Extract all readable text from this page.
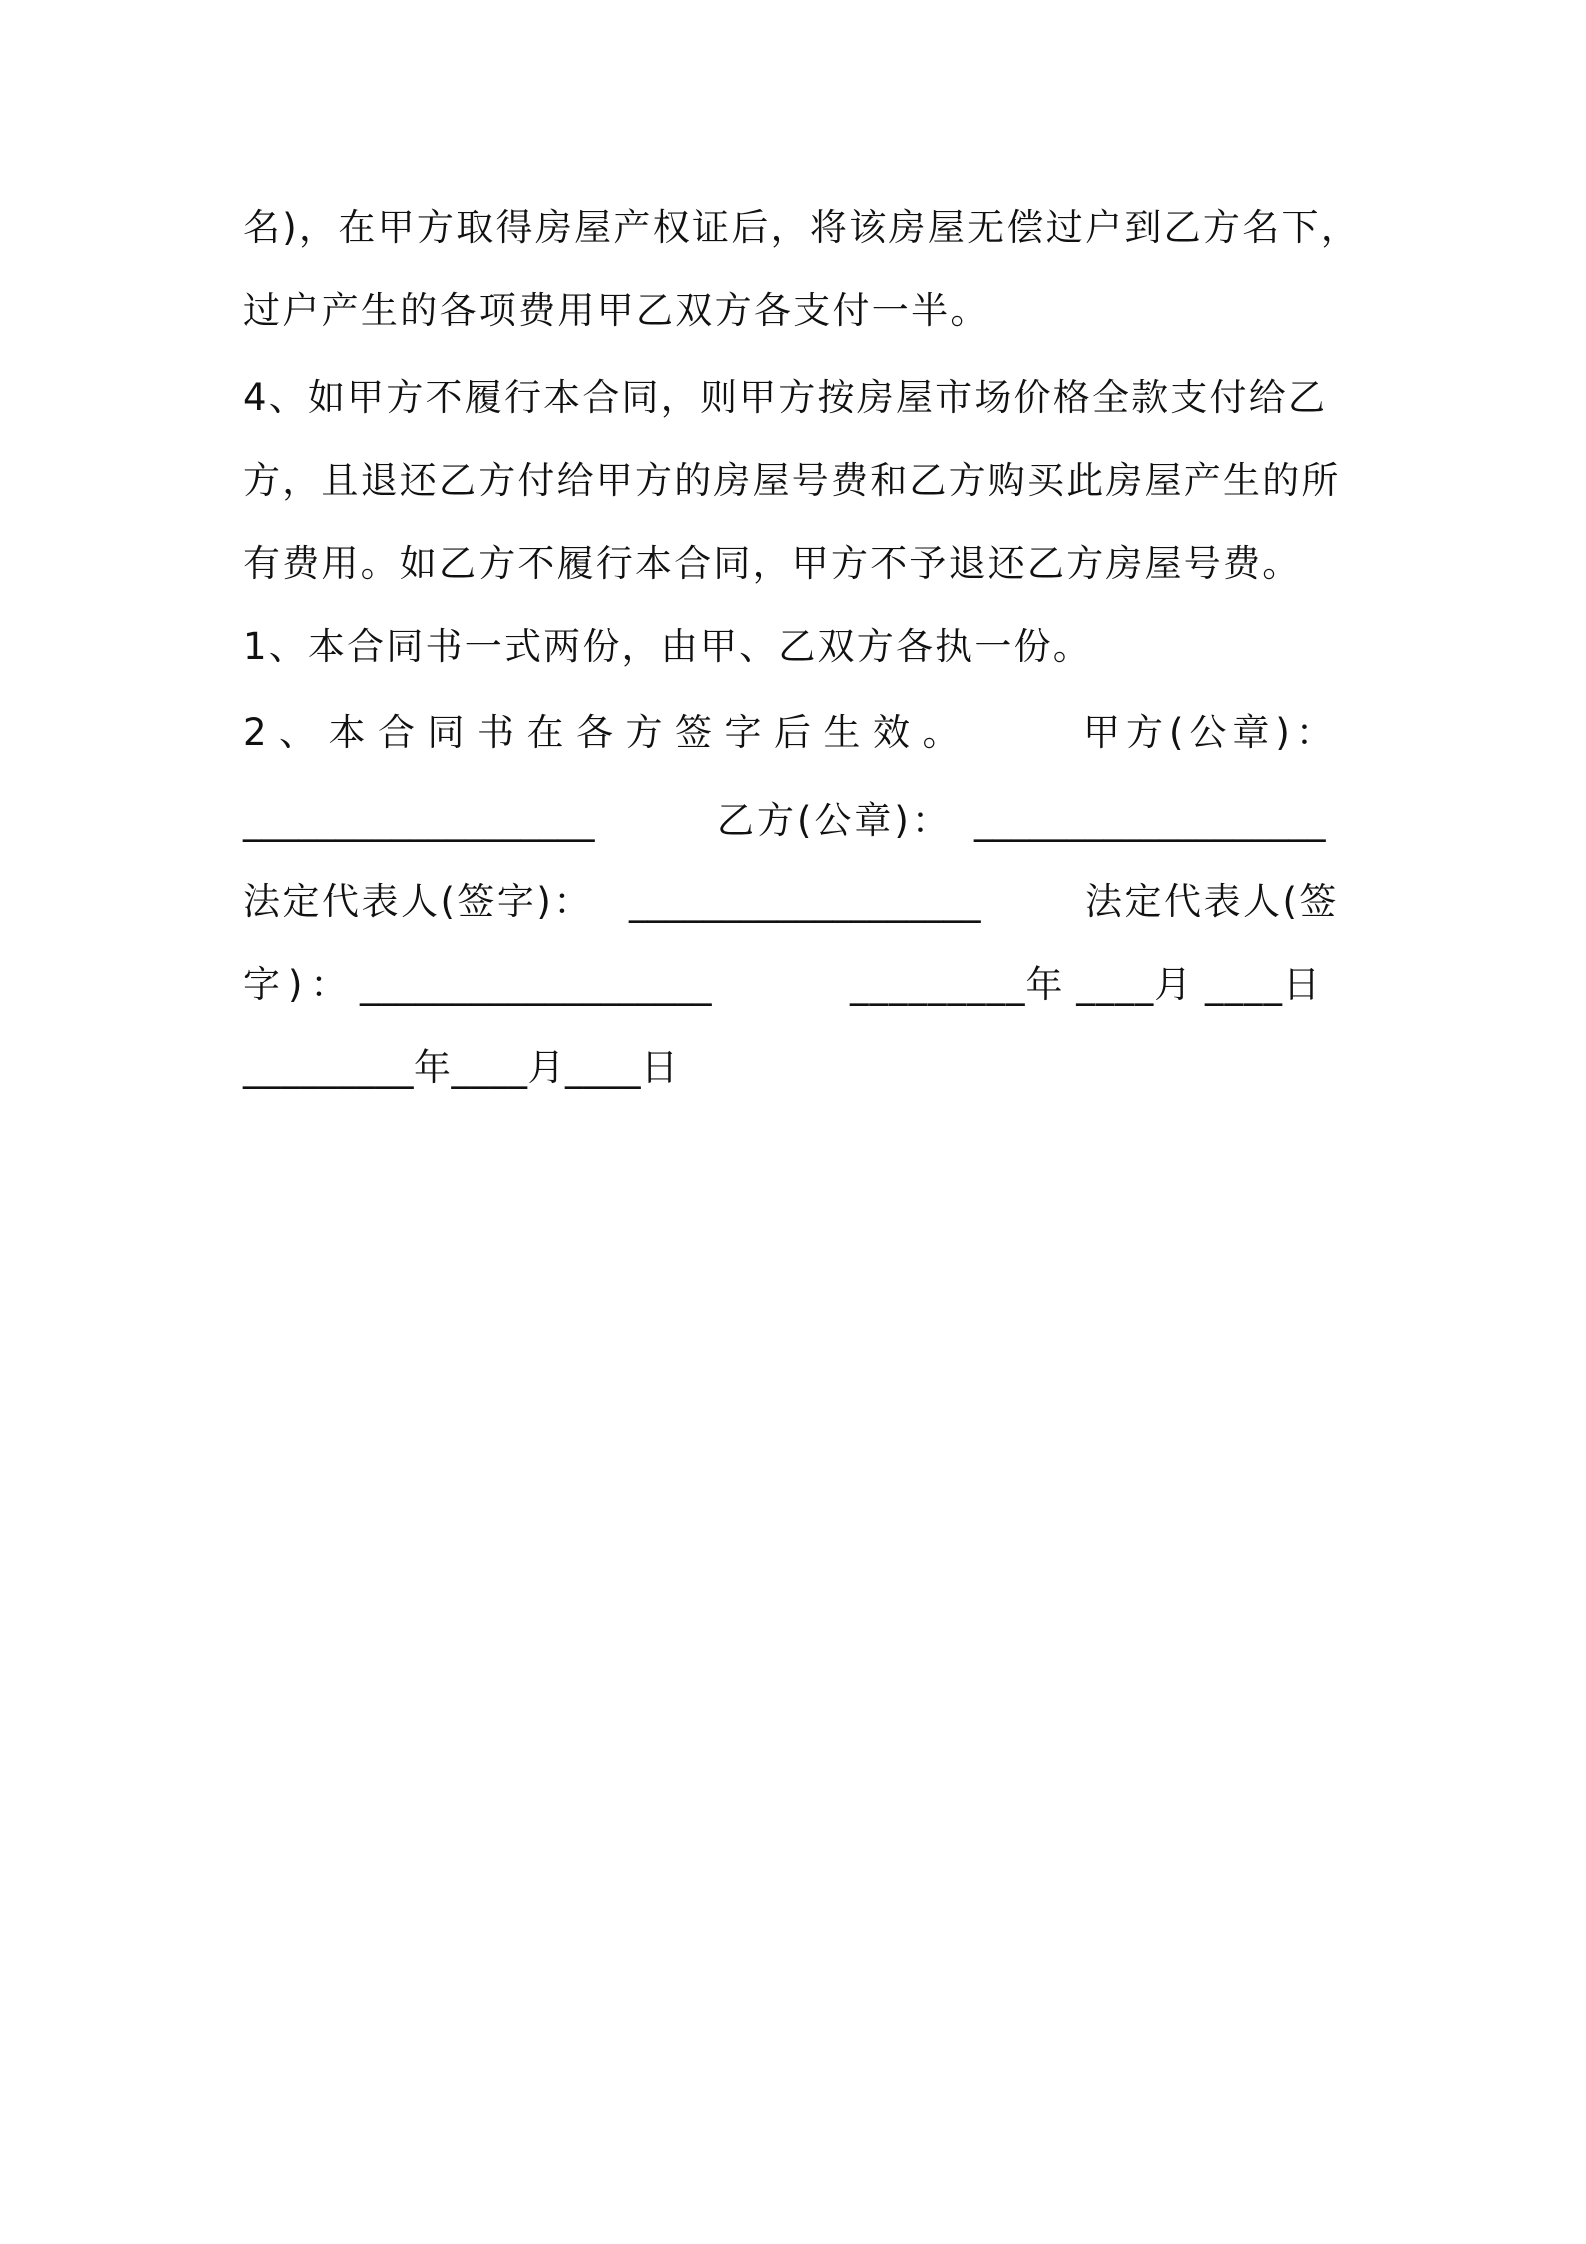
名)，在甲方取得房屋产权证后，将该房屋无偿过户到乙方名下，
过户产生的各项费用甲乙双方各支付一半。
4、如甲方不履行本合同，则甲方按房屋市场价格全款支付给乙
方，且退还乙方付给甲方的房屋号费和乙方购买此房屋产生的所
有费用。如乙方不履行本合同，甲方不予退还乙方房屋号费。
1、本合同书一式两份，由甲、乙双方各执一份。
2、本合同书在各方签字后生效。	甲方(公章)：
___________________	乙方(公章)： ___________________
法定代表人(签字)： ___________________	法定代表人(签
字)： ___________________	_________年 ____月 ____日
_________年____月____日
